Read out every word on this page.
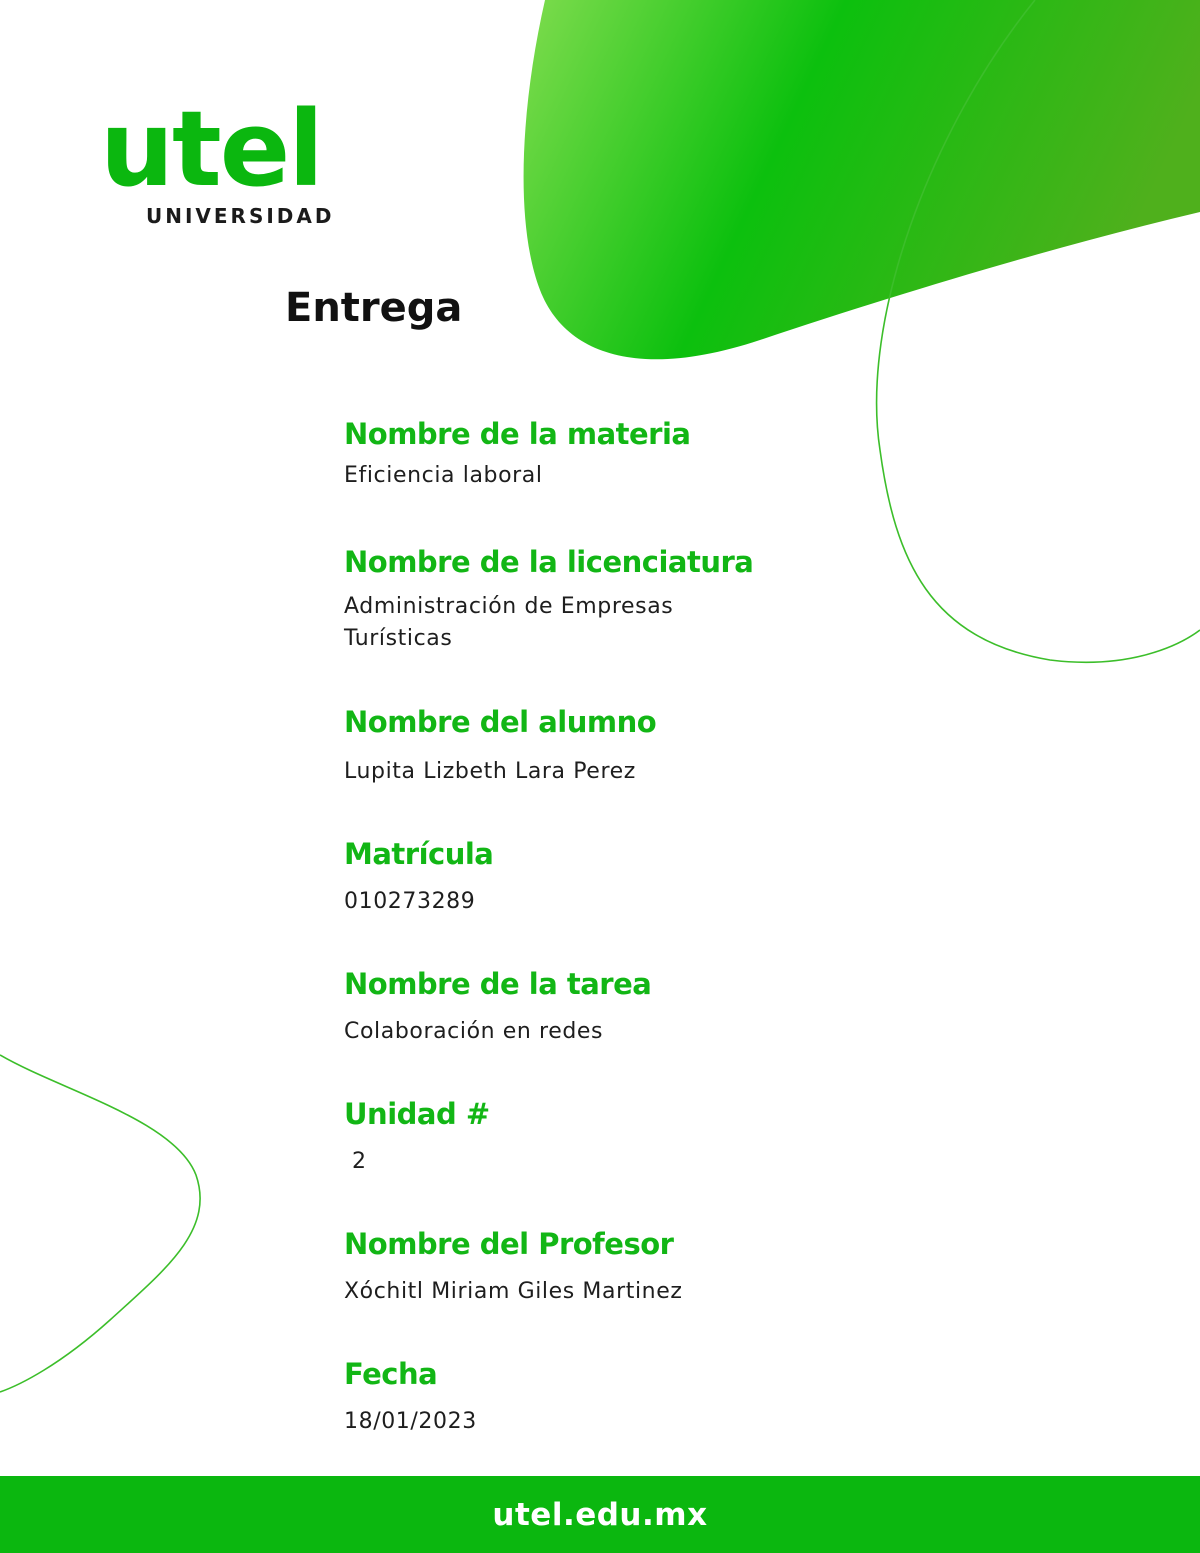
utel
UNIVERSIDAD
Entrega
Nombre de la materia
Eficiencia laboral
Nombre de la licenciatura
Administración de Empresas Turísticas
Nombre del alumno
Lupita Lizbeth Lara Perez
Matrícula
010273289
Nombre de la tarea
Colaboración en redes
Unidad #
2
Nombre del Profesor
Xóchitl Miriam Giles Martinez
Fecha
18/01/2023
utel.edu.mx
